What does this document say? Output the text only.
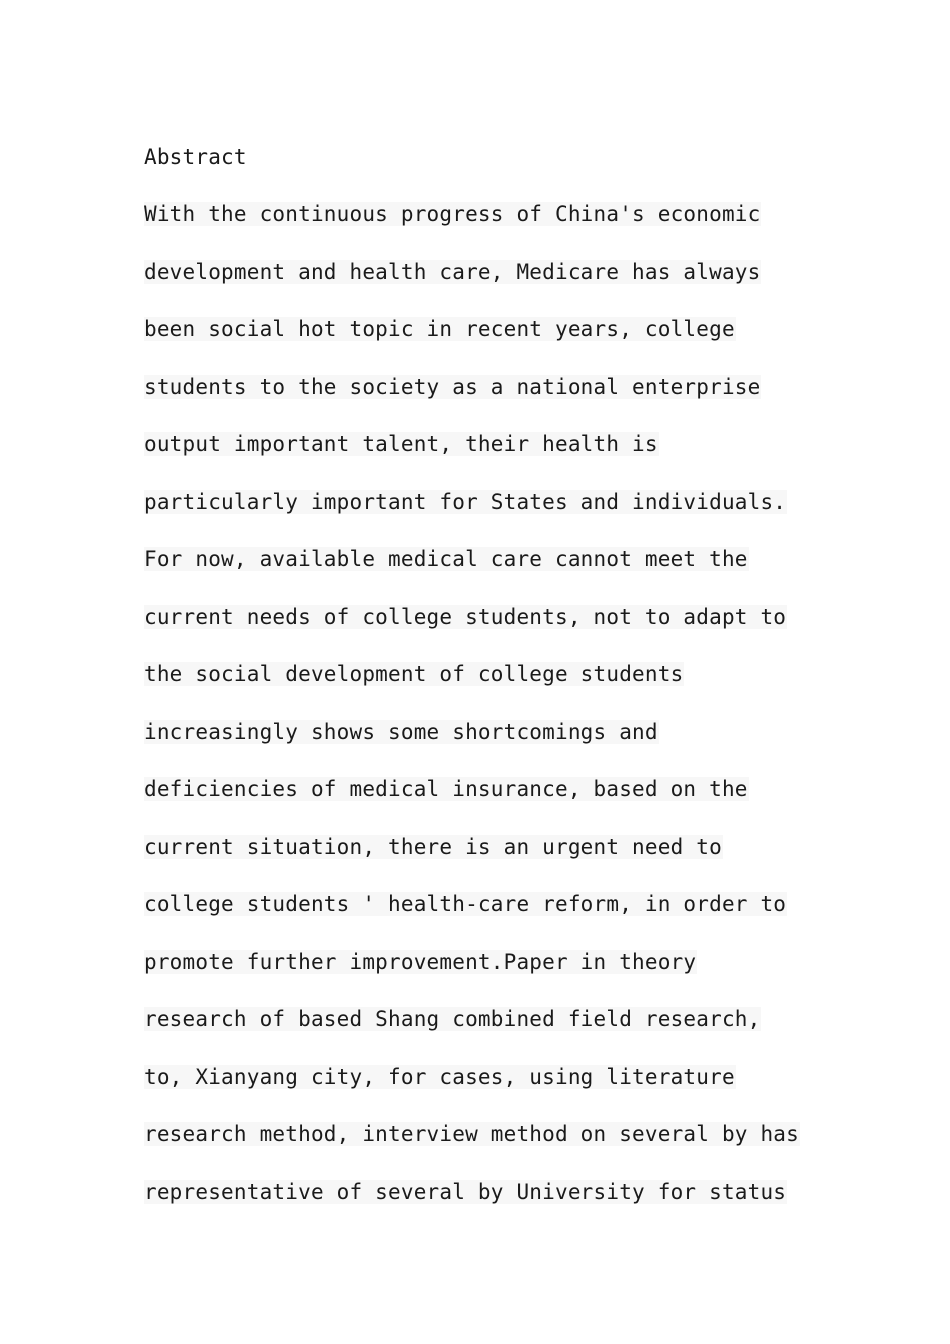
Abstract
With the continuous progress of China's economic
development and health care, Medicare has always
been social hot topic in recent years, college
students to the society as a national enterprise
output important talent, their health is
particularly important for States and individuals.
For now, available medical care cannot meet the
current needs of college students, not to adapt to
the social development of college students
increasingly shows some shortcomings and
deficiencies of medical insurance, based on the
current situation, there is an urgent need to
college students ' health-care reform, in order to
promote further improvement.Paper in theory
research of based Shang combined field research,
to, Xianyang city, for cases, using literature
research method, interview method on several by has
representative of several by University for status
